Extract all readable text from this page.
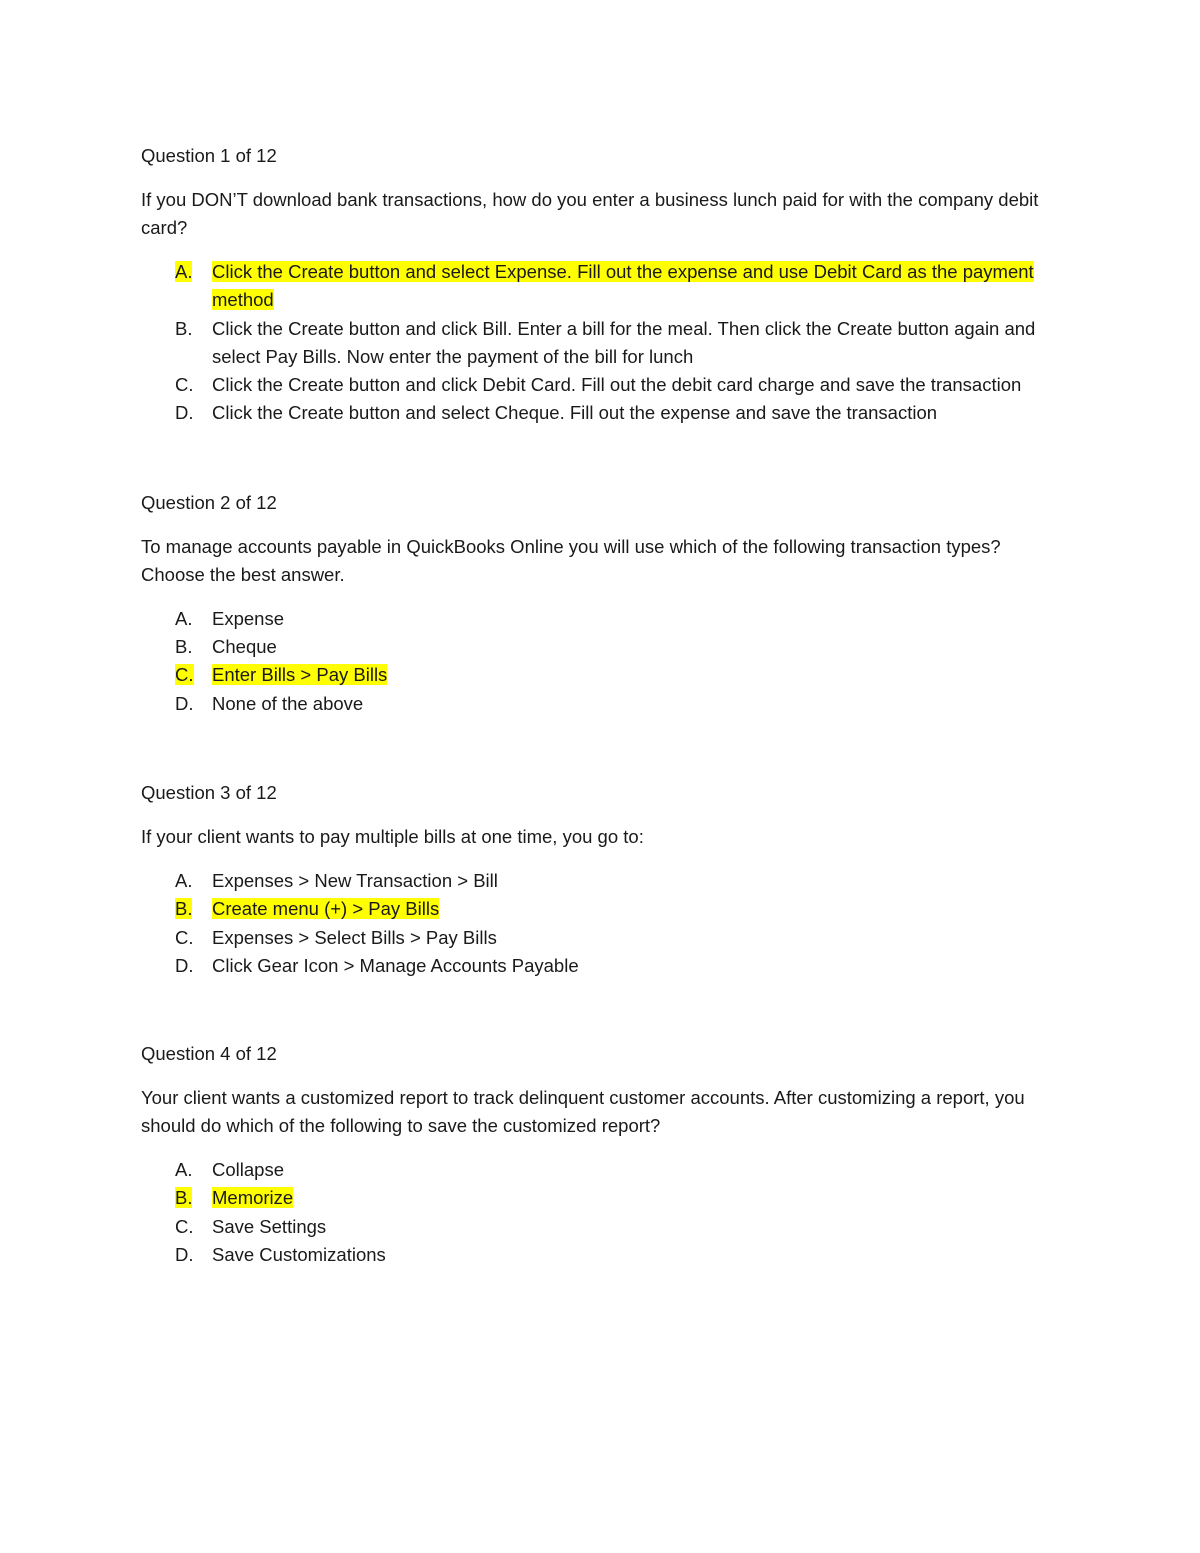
Question 1 of 12

If you DON’T download bank transactions, how do you enter a business lunch paid for with the company debit card?

A.	Click the Create button and select Expense. Fill out the expense and use Debit Card as the payment method
B.	Click the Create button and click Bill. Enter a bill for the meal. Then click the Create button again and select Pay Bills. Now enter the payment of the bill for lunch
C.	Click the Create button and click Debit Card. Fill out the debit card charge and save the transaction
D.	Click the Create button and select Cheque. Fill out the expense and save the transaction

Question 2 of 12

To manage accounts payable in QuickBooks Online you will use which of the following transaction types? Choose the best answer.

A.	Expense
B.	Cheque
C.	Enter Bills > Pay Bills
D.	None of the above

Question 3 of 12

If your client wants to pay multiple bills at one time, you go to:

A.	Expenses > New Transaction > Bill
B.	Create menu (+) > Pay Bills
C.	Expenses > Select Bills > Pay Bills
D.	Click Gear Icon > Manage Accounts Payable

Question 4 of 12

Your client wants a customized report to track delinquent customer accounts. After customizing a report, you should do which of the following to save the customized report?

A.	Collapse
B.	Memorize
C.	Save Settings
D.	Save Customizations
